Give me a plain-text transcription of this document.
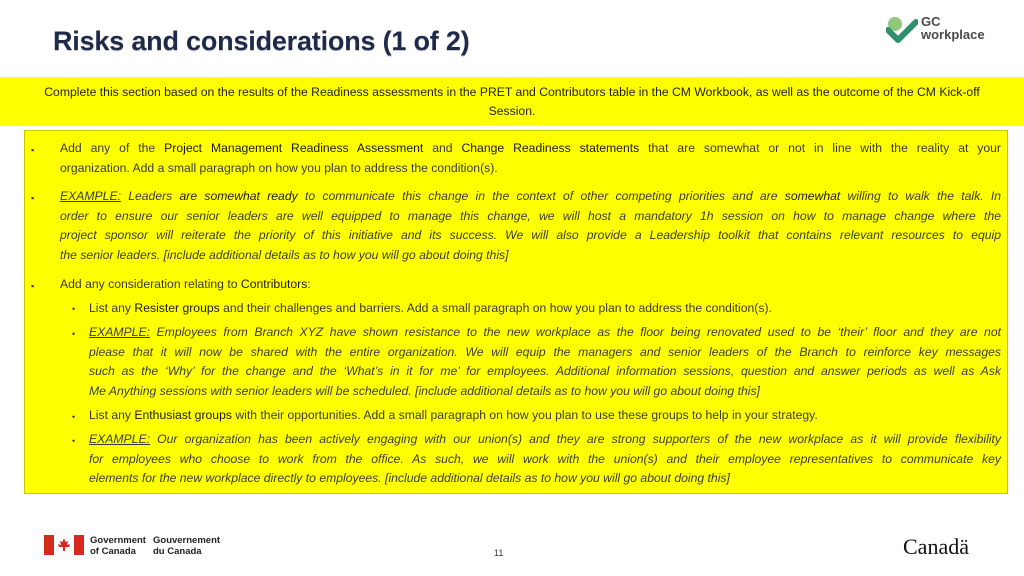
Risks and considerations (1 of 2)
GC
workplace
Complete this section based on the results of the Readiness assessments in the PRET and Contributors table in the CM Workbook, as well as the outcome of the CM Kick-off
Session.
▪ Add any of the Project Management Readiness Assessment and Change Readiness statements that are somewhat or not in line with the reality at your
organization. Add a small paragraph on how you plan to address the condition(s).
▪ EXAMPLE: Leaders are somewhat ready to communicate this change in the context of other competing priorities and are somewhat willing to walk the talk. In
order to ensure our senior leaders are well equipped to manage this change, we will host a mandatory 1h session on how to manage change where the
project sponsor will reiterate the priority of this initiative and its success. We will also provide a Leadership toolkit that contains relevant resources to equip
the senior leaders. [include additional details as to how you will go about doing this]
▪ Add any consideration relating to Contributors:
• List any Resister groups and their challenges and barriers. Add a small paragraph on how you plan to address the condition(s).
• EXAMPLE: Employees from Branch XYZ have shown resistance to the new workplace as the floor being renovated used to be ‘their’ floor and they are not
please that it will now be shared with the entire organization. We will equip the managers and senior leaders of the Branch to reinforce key messages
such as the ‘Why’ for the change and the ‘What’s in it for me’ for employees. Additional information sessions, question and answer periods as well as Ask
Me Anything sessions with senior leaders will be scheduled. [include additional details as to how you will go about doing this]
• List any Enthusiast groups with their opportunities. Add a small paragraph on how you plan to use these groups to help in your strategy.
• EXAMPLE: Our organization has been actively engaging with our union(s) and they are strong supporters of the new workplace as it will provide flexibility
for employees who choose to work from the office. As such, we will work with the union(s) and their employee representatives to communicate key
elements for the new workplace directly to employees. [include additional details as to how you will go about doing this]
Government
of Canada
Gouvernement
du Canada	11	Canadä
